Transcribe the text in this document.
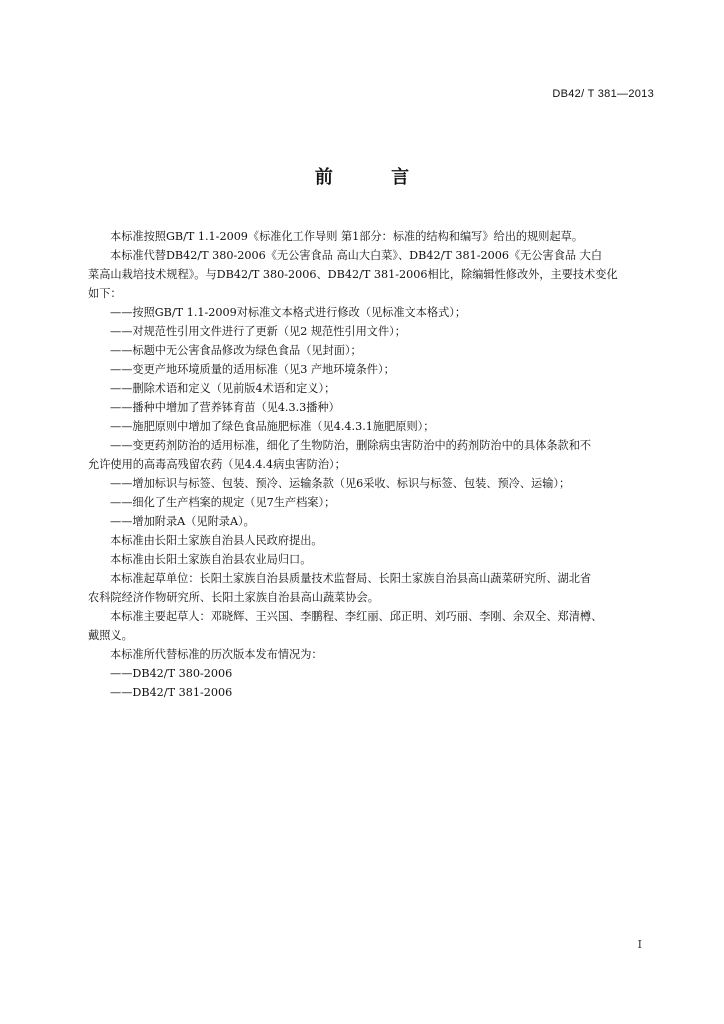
DB42/ T 381—2013
前 言

本标准按照GB/T 1.1-2009《标准化工作导则 第1部分：标准的结构和编写》给出的规则起草。

本标准代替DB42/T 380-2006《无公害食品 高山大白菜》、DB42/T 381-2006《无公害食品 大白

菜高山栽培技术规程》。与DB42/T 380-2006、DB42/T 381-2006相比，除编辑性修改外，主要技术变化

如下：

——按照GB/T 1.1-2009对标准文本格式进行修改（见标准文本格式）；

——对规范性引用文件进行了更新（见2 规范性引用文件）；

——标题中无公害食品修改为绿色食品（见封面）；

——变更产地环境质量的适用标准（见3 产地环境条件）；

——删除术语和定义（见前版4术语和定义）；

——播种中增加了营养钵育苗（见4.3.3播种）

——施肥原则中增加了绿色食品施肥标准（见4.4.3.1施肥原则）；

——变更药剂防治的适用标准，细化了生物防治，删除病虫害防治中的药剂防治中的具体条款和不

允许使用的高毒高残留农药（见4.4.4病虫害防治）；

——增加标识与标签、包装、预冷、运输条款（见6采收、标识与标签、包装、预冷、运输）；

——细化了生产档案的规定（见7生产档案）；

——增加附录A（见附录A）。

本标准由长阳土家族自治县人民政府提出。

本标准由长阳土家族自治县农业局归口。

本标准起草单位：长阳土家族自治县质量技术监督局、长阳土家族自治县高山蔬菜研究所、湖北省

农科院经济作物研究所、长阳土家族自治县高山蔬菜协会。

本标准主要起草人：邓晓辉、王兴国、李鹏程、李红丽、邱正明、刘巧丽、李刚、余双全、郑清樽、

戴照义。

本标准所代替标准的历次版本发布情况为：

——DB42/T 380-2006

——DB42/T 381-2006

I
